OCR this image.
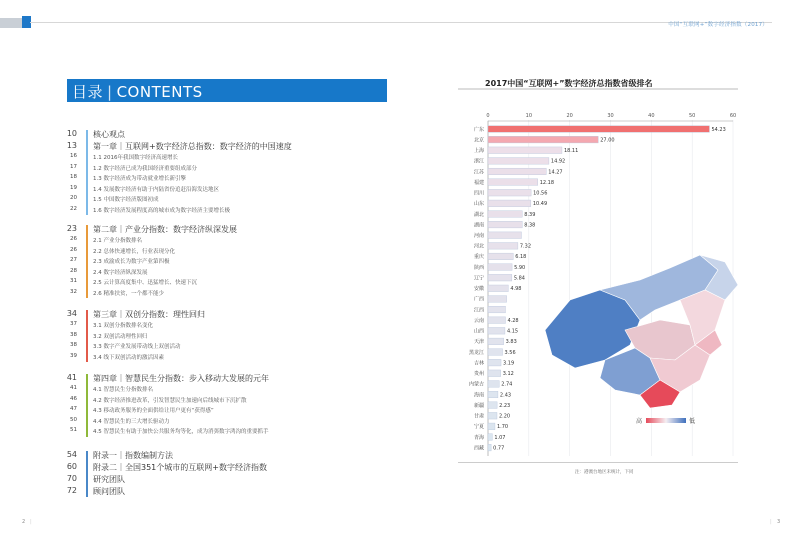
中国“互联网+”数字经济指数（2017）
目录 | CONTENTS
10 核心观点
13 第一章｜互联网+数字经济总指数：数字经济的中国速度
16	1.1 2016年我国数字经济高速增长
17	1.2 数字经济已成为我国经济重要组成部分
18	1.3 数字经济成为带动就业增长新引擎
19	1.4 发展数字经济有助于内陆省份追赶沿海发达地区
20	1.5 中国数字经济版图初成
22	1.6 数字经济发展程度高的城市成为数字经济主要增长极
23 第二章｜产业分指数：数字经济纵深发展
26	2.1 产业分指数排名
26	2.2 总体快速增长，行业表现分化
27	2.3 成渝成长为数字产业第四极
28	2.4 数字经济纵深发展
31	2.5 云计算高度集中、迅猛增长、快速下沉
32	2.6 精准扶贫，一个都不能少
34 第三章｜双创分指数：理性回归
37	3.1 双创分指数排名变化
38	3.2 双创活动理性回归
38	3.3 数字产业发展带动线上双创活动
39	3.4 线下双创活动的激活因素
41 第四章｜智慧民生分指数：步入移动大发展的元年
41	4.1 智慧民生分指数排名
46	4.2 数字经济推进改革，引发智慧民生加速向后线城市下沉扩散
47	4.3 移动政务服务的全面供给让用户更有“获得感”
50	4.4 智慧民生的三大增长驱动力
51	4.5 智慧民生有助于加快公共服务均等化，成为消弭数字鸿沟的重要抓手
54 附录一｜指数编制方法
60 附录二｜全国351个城市的互联网+数字经济指数
70 研究团队
72 顾问团队
0	10	20	30	40	50	60
广东	54.23
北京	27.00
上海	18.11
浙江	14.92
江苏	14.27
福建	12.18
四川	10.56
山东	10.49
湖北	8.39
湖南	8.38
河南
河北	7.32
重庆	6.18
陕西	5.90
辽宁	5.84
安徽	4.98
广西
江西
云南	4.28
山西	4.15
天津	3.83
黑龙江	3.56
吉林	3.19
贵州	3.12
内蒙古	2.74
海南	2.43
新疆	2.23
甘肃	2.20
宁夏	1.70
青海 1.07
西藏 0.77
高	低
2017中国“互联网+”数字经济总指数省级排名
注：港澳台地区未统计，下同
2 |	| 3
